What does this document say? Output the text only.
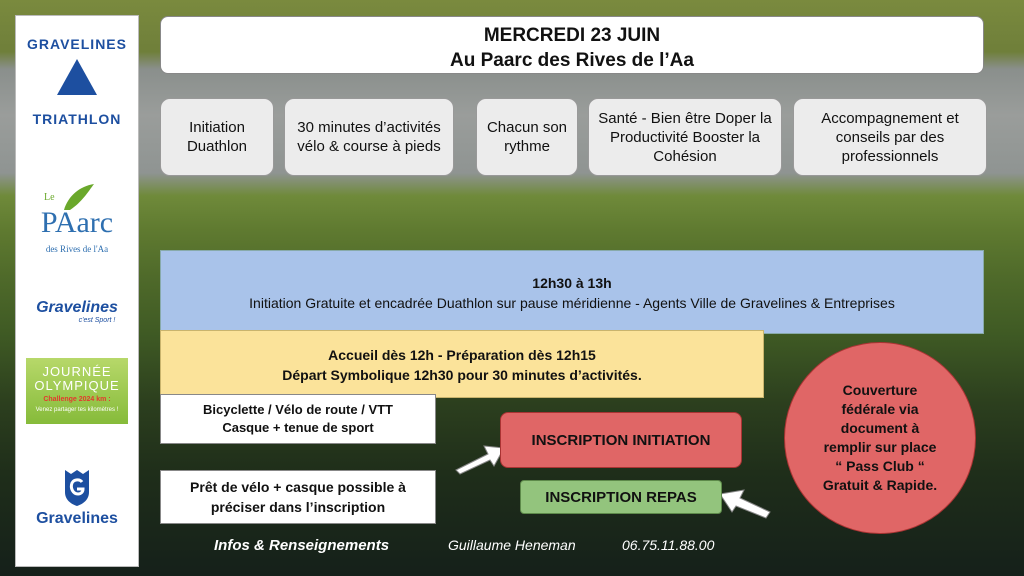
GRAVELINES
TRIATHLON
Le
PAarc
des Rives de l'Aa
Gravelines
c'est Sport !
JOURNÉE
OLYMPIQUE
Challenge 2024 km :
Venez partager tes kilomètres !
Gravelines
MERCREDI 23 JUIN
Au Paarc des Rives de l’Aa
Initiation Duathlon
30 minutes d’activités vélo & course à pieds
Chacun son rythme
Santé - Bien être Doper la Productivité Booster la Cohésion
Accompagnement et conseils par des professionnels
12h30 à 13h
Initiation Gratuite et encadrée Duathlon sur pause méridienne - Agents Ville de Gravelines & Entreprises
Accueil dès 12h - Préparation dès 12h15
Départ Symbolique 12h30 pour 30 minutes d’activités.
Bicyclette / Vélo de route / VTT
Casque + tenue de sport
Prêt de vélo + casque possible à
préciser dans l’inscription
INSCRIPTION INITIATION
INSCRIPTION REPAS
Couverture fédérale via document à remplir sur place “ Pass Club “ Gratuit & Rapide.
Infos & Renseignements	Guillaume Heneman	06.75.11.88.00
